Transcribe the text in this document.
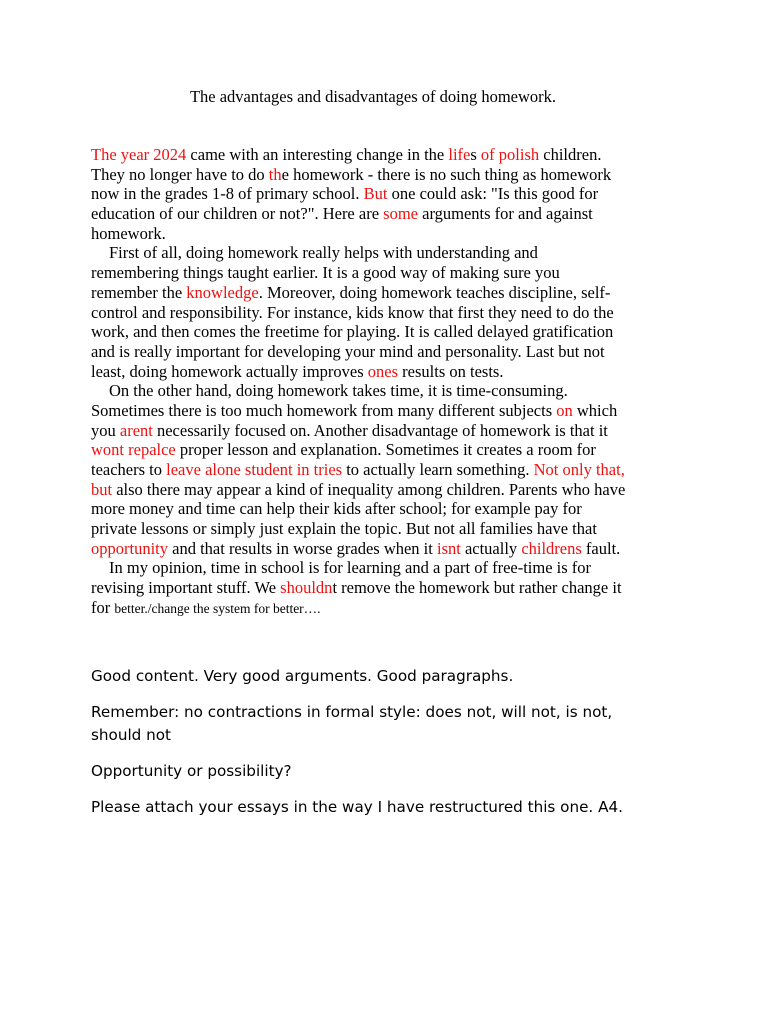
The advantages and disadvantages of doing homework.
The year 2024 came with an interesting change in the lifes of polish children.
They no longer have to do the homework - there is no such thing as homework
now in the grades 1-8 of primary school. But one could ask: "Is this good for
education of our children or not?". Here are some arguments for and against
homework.
First of all, doing homework really helps with understanding and
remembering things taught earlier. It is a good way of making sure you
remember the knowledge. Moreover, doing homework teaches discipline, self-
control and responsibility. For instance, kids know that first they need to do the
work, and then comes the freetime for playing. It is called delayed gratification
and is really important for developing your mind and personality. Last but not
least, doing homework actually improves ones results on tests.
On the other hand, doing homework takes time, it is time-consuming.
Sometimes there is too much homework from many different subjects on which
you arent necessarily focused on. Another disadvantage of homework is that it
wont repalce proper lesson and explanation. Sometimes it creates a room for
teachers to leave alone student in tries to actually learn something. Not only that,
but also there may appear a kind of inequality among children. Parents who have
more money and time can help their kids after school; for example pay for
private lessons or simply just explain the topic. But not all families have that
opportunity and that results in worse grades when it isnt actually childrens fault.
In my opinion, time in school is for learning and a part of free-time is for
revising important stuff. We shouldnt remove the homework but rather change it
for better./change the system for better….

Good content. Very good arguments. Good paragraphs.

Remember: no contractions in formal style: does not, will not, is not, should not

Opportunity or possibility?

Please attach your essays in the way I have restructured this one. A4.
